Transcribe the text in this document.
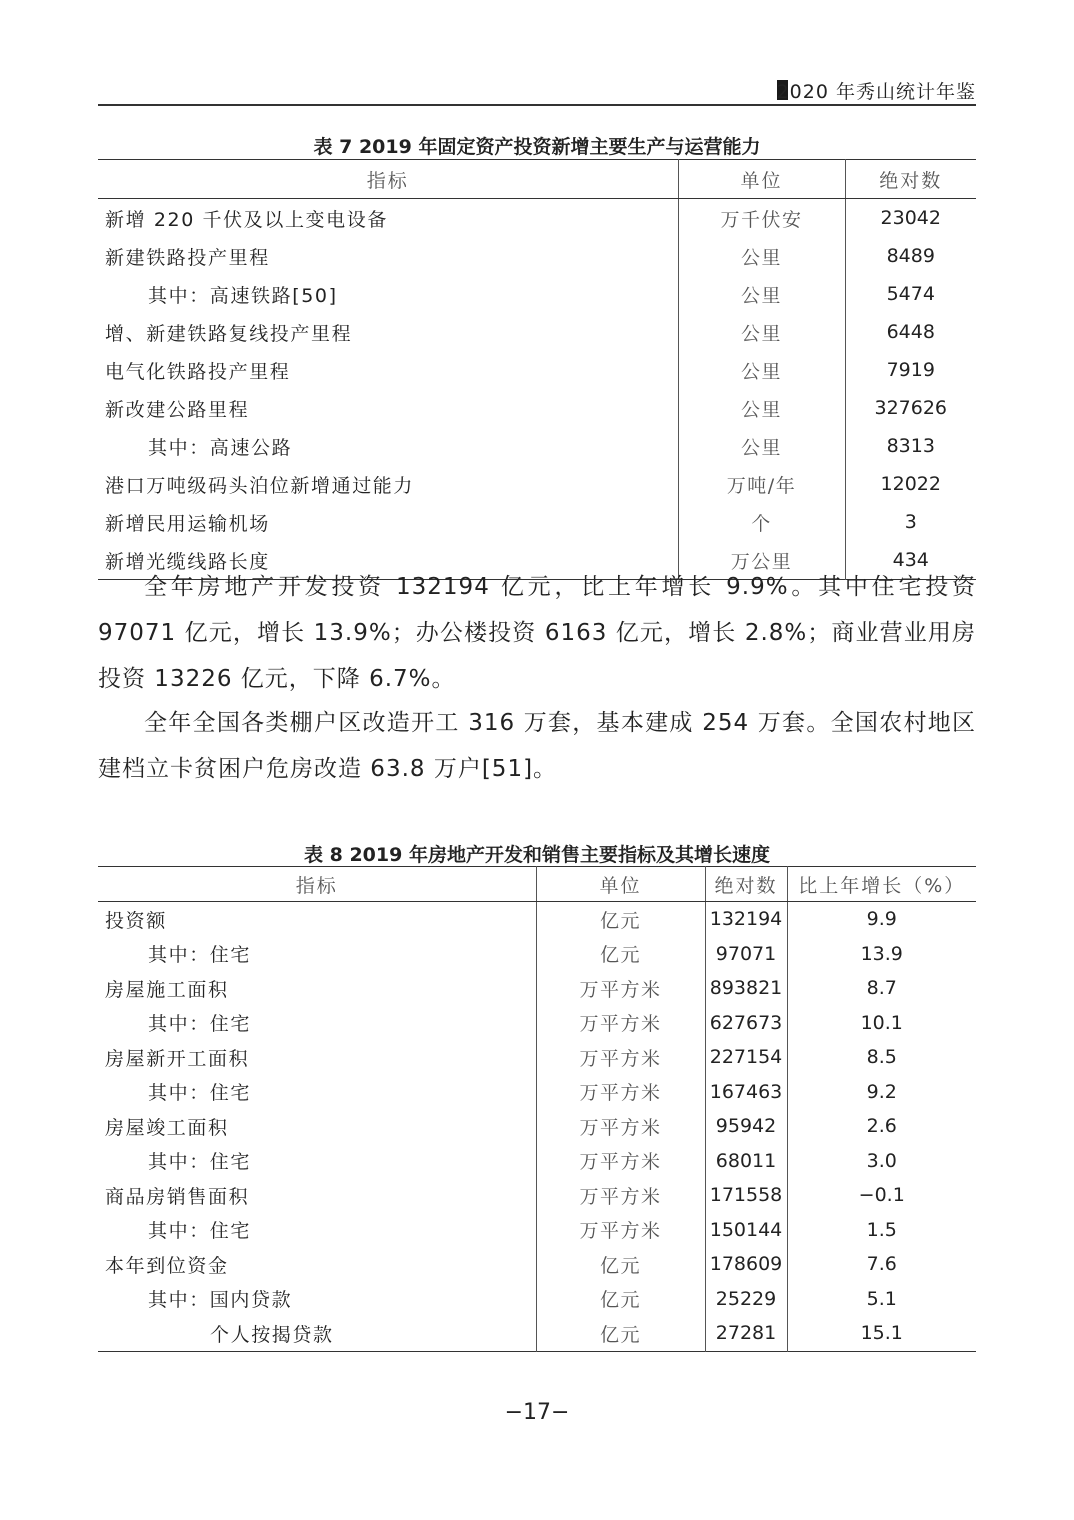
2020 年秀山统计年鉴
表 7 2019 年固定资产投资新增主要生产与运营能力
指标	单位	绝对数
新增 220 千伏及以上变电设备	万千伏安	23042
新建铁路投产里程	公里	8489
其中：高速铁路[50]	公里	5474
增、新建铁路复线投产里程	公里	6448
电气化铁路投产里程	公里	7919
新改建公路里程	公里	327626
其中：高速公路	公里	8313
港口万吨级码头泊位新增通过能力	万吨/年	12022
新增民用运输机场	个	3
新增光缆线路长度	万公里	434

全年房地产开发投资 132194 亿元，比上年增长 9.9%。其中住宅投资 97071 亿元，增长 13.9%；办公楼投资 6163 亿元，增长 2.8%；商业营业用房投资 13226 亿元，下降 6.7%。

全年全国各类棚户区改造开工 316 万套，基本建成 254 万套。全国农村地区建档立卡贫困户危房改造 63.8 万户[51]。

表 8 2019 年房地产开发和销售主要指标及其增长速度
指标	单位	绝对数	比上年增长（%）
投资额	亿元	132194	9.9
其中：住宅	亿元	97071	13.9
房屋施工面积	万平方米	893821	8.7
其中：住宅	万平方米	627673	10.1
房屋新开工面积	万平方米	227154	8.5
其中：住宅	万平方米	167463	9.2
房屋竣工面积	万平方米	95942	2.6
其中：住宅	万平方米	68011	3.0
商品房销售面积	万平方米	171558	−0.1
其中：住宅	万平方米	150144	1.5
本年到位资金	亿元	178609	7.6
其中：国内贷款	亿元	25229	5.1
个人按揭贷款	亿元	27281	15.1
−17−
